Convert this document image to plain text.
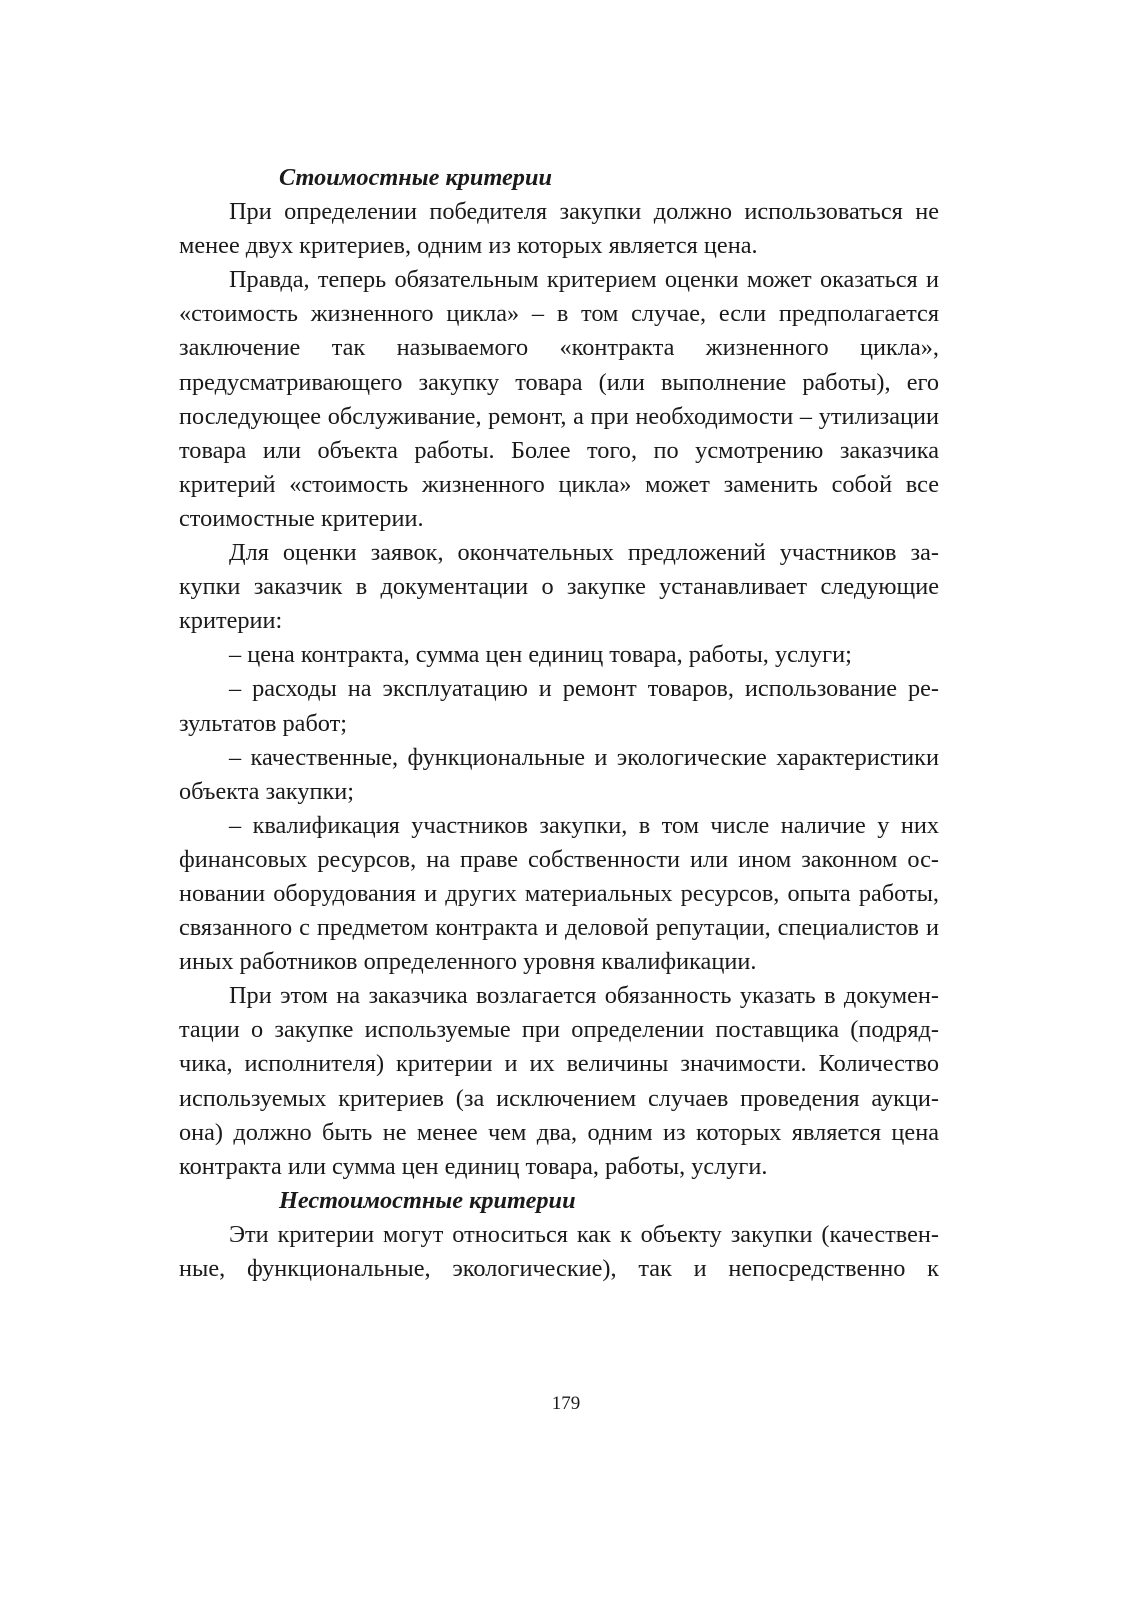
Стоимостные критерии

При определении победителя закупки должно использоваться не менее двух критериев, одним из которых является цена.

Правда, теперь обязательным критерием оценки может оказаться и «стоимость жизненного цикла» – в том случае, если предполагается заключение так называемого «контракта жизненного цикла», предусматривающего закупку товара (или выполнение работы), его последующее обслуживание, ремонт, а при необходимости – утилизации товара или объекта работы. Более того, по усмотрению заказчика критерий «стоимость жизненного цикла» может заменить собой все стоимостные критерии.

Для оценки заявок, окончательных предложений участников закупки заказчик в документации о закупке устанавливает следующие критерии:

– цена контракта, сумма цен единиц товара, работы, услуги;

– расходы на эксплуатацию и ремонт товаров, использование результатов работ;

– качественные, функциональные и экологические характеристики объекта закупки;

– квалификация участников закупки, в том числе наличие у них финансовых ресурсов, на праве собственности или ином законном основании оборудования и других материальных ресурсов, опыта работы, связанного с предметом контракта и деловой репутации, специалистов и иных работников определенного уровня квалификации.

При этом на заказчика возлагается обязанность указать в документации о закупке используемые при определении поставщика (подрядчика, исполнителя) критерии и их величины значимости. Количество используемых критериев (за исключением случаев проведения аукциона) должно быть не менее чем два, одним из которых является цена контракта или сумма цен единиц товара, работы, услуги.

Нестоимостные критерии

Эти критерии могут относиться как к объекту закупки (качественные, функциональные, экологические), так и непосредственно к

179
